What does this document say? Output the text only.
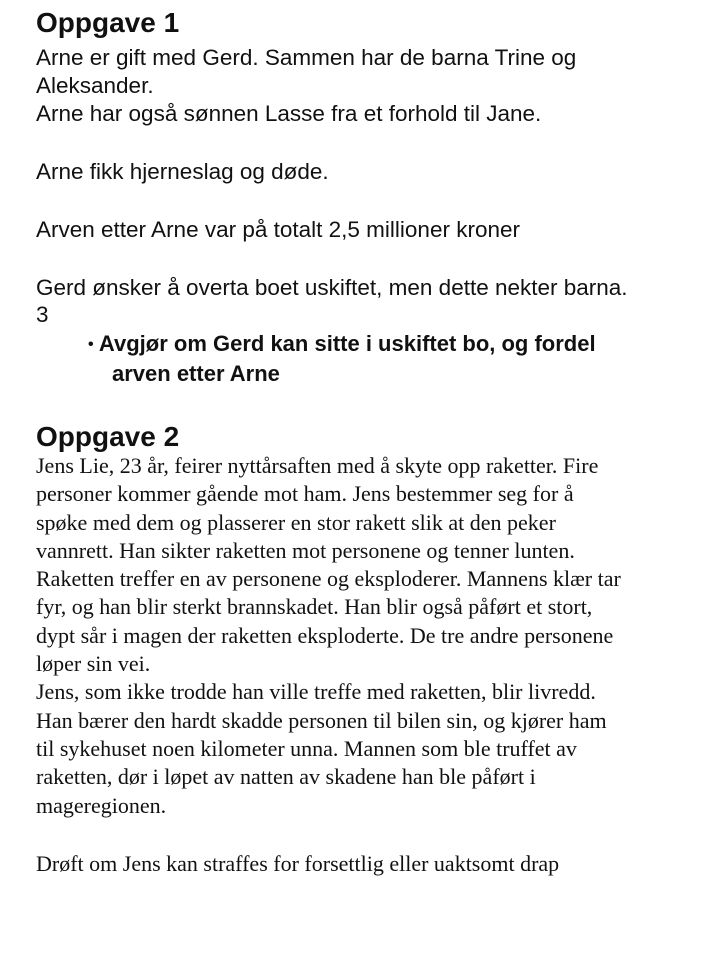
Oppgave 1
Arne er gift med Gerd. Sammen har de barna Trine og
Aleksander.
Arne har også sønnen Lasse fra et forhold til Jane.
Arne fikk hjerneslag og døde.
Arven etter Arne var på totalt 2,5 millioner kroner
Gerd ønsker å overta boet uskiftet, men dette nekter barna.
3
• Avgjør om Gerd kan sitte i uskiftet bo, og fordel
arven etter Arne
Oppgave 2
Jens Lie, 23 år, feirer nyttårsaften med å skyte opp raketter. Fire
personer kommer gående mot ham. Jens bestemmer seg for å
spøke med dem og plasserer en stor rakett slik at den peker
vannrett. Han sikter raketten mot personene og tenner lunten.
Raketten treffer en av personene og eksploderer. Mannens klær tar
fyr, og han blir sterkt brannskadet. Han blir også påført et stort,
dypt sår i magen der raketten eksploderte. De tre andre personene
løper sin vei.
Jens, som ikke trodde han ville treffe med raketten, blir livredd.
Han bærer den hardt skadde personen til bilen sin, og kjører ham
til sykehuset noen kilometer unna. Mannen som ble truffet av
raketten, dør i løpet av natten av skadene han ble påført i
mageregionen.
Drøft om Jens kan straffes for forsettlig eller uaktsomt drap
